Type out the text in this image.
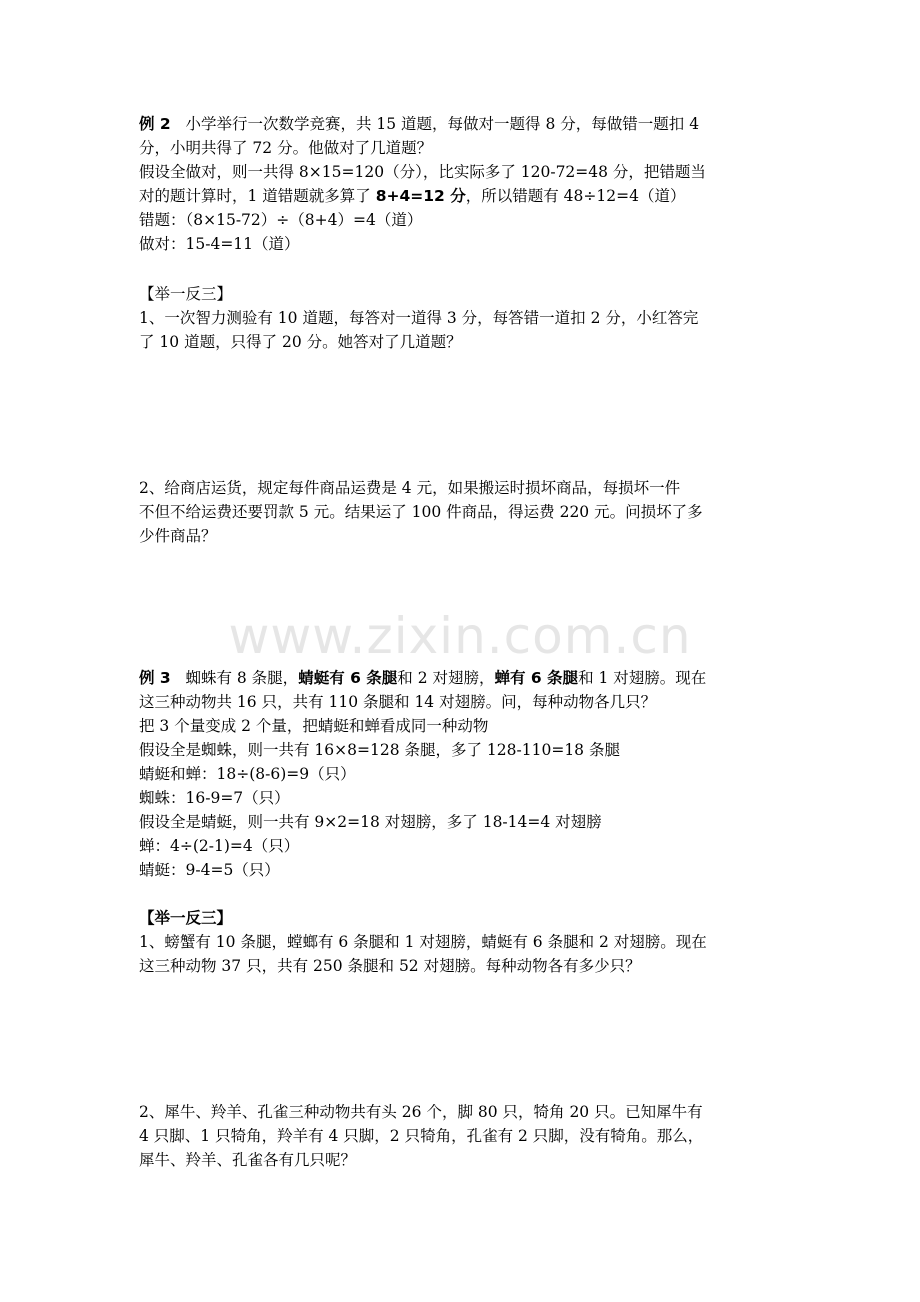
www.zixin.com.cn
例 2 小学举行一次数学竞赛，共 15 道题，每做对一题得 8 分，每做错一题扣 4
分，小明共得了 72 分。他做对了几道题？
假设全做对，则一共得 8×15=120（分），比实际多了 120-72=48 分，把错题当
对的题计算时，1 道错题就多算了 8+4=12 分，所以错题有 48÷12=4（道）
错题：（8×15-72）÷（8+4）=4（道）
做对：15-4=11（道）
【举一反三】
1、一次智力测验有 10 道题，每答对一道得 3 分，每答错一道扣 2 分，小红答完
了 10 道题，只得了 20 分。她答对了几道题？
2、给商店运货，规定每件商品运费是 4 元，如果搬运时损坏商品，每损坏一件
不但不给运费还要罚款 5 元。结果运了 100 件商品，得运费 220 元。问损坏了多
少件商品？
例 3 蜘蛛有 8 条腿，蜻蜓有 6 条腿和 2 对翅膀，蝉有 6 条腿和 1 对翅膀。现在
这三种动物共 16 只，共有 110 条腿和 14 对翅膀。问，每种动物各几只？
把 3 个量变成 2 个量，把蜻蜓和蝉看成同一种动物
假设全是蜘蛛，则一共有 16×8=128 条腿，多了 128-110=18 条腿
蜻蜓和蝉：18÷(8-6)=9（只）
蜘蛛：16-9=7（只）
假设全是蜻蜓，则一共有 9×2=18 对翅膀，多了 18-14=4 对翅膀
蝉：4÷(2-1)=4（只）
蜻蜓：9-4=5（只）
【举一反三】
1、螃蟹有 10 条腿，螳螂有 6 条腿和 1 对翅膀，蜻蜓有 6 条腿和 2 对翅膀。现在
这三种动物 37 只，共有 250 条腿和 52 对翅膀。每种动物各有多少只？
2、犀牛、羚羊、孔雀三种动物共有头 26 个，脚 80 只，犄角 20 只。已知犀牛有
4 只脚、1 只犄角，羚羊有 4 只脚，2 只犄角，孔雀有 2 只脚，没有犄角。那么，
犀牛、羚羊、孔雀各有几只呢？
